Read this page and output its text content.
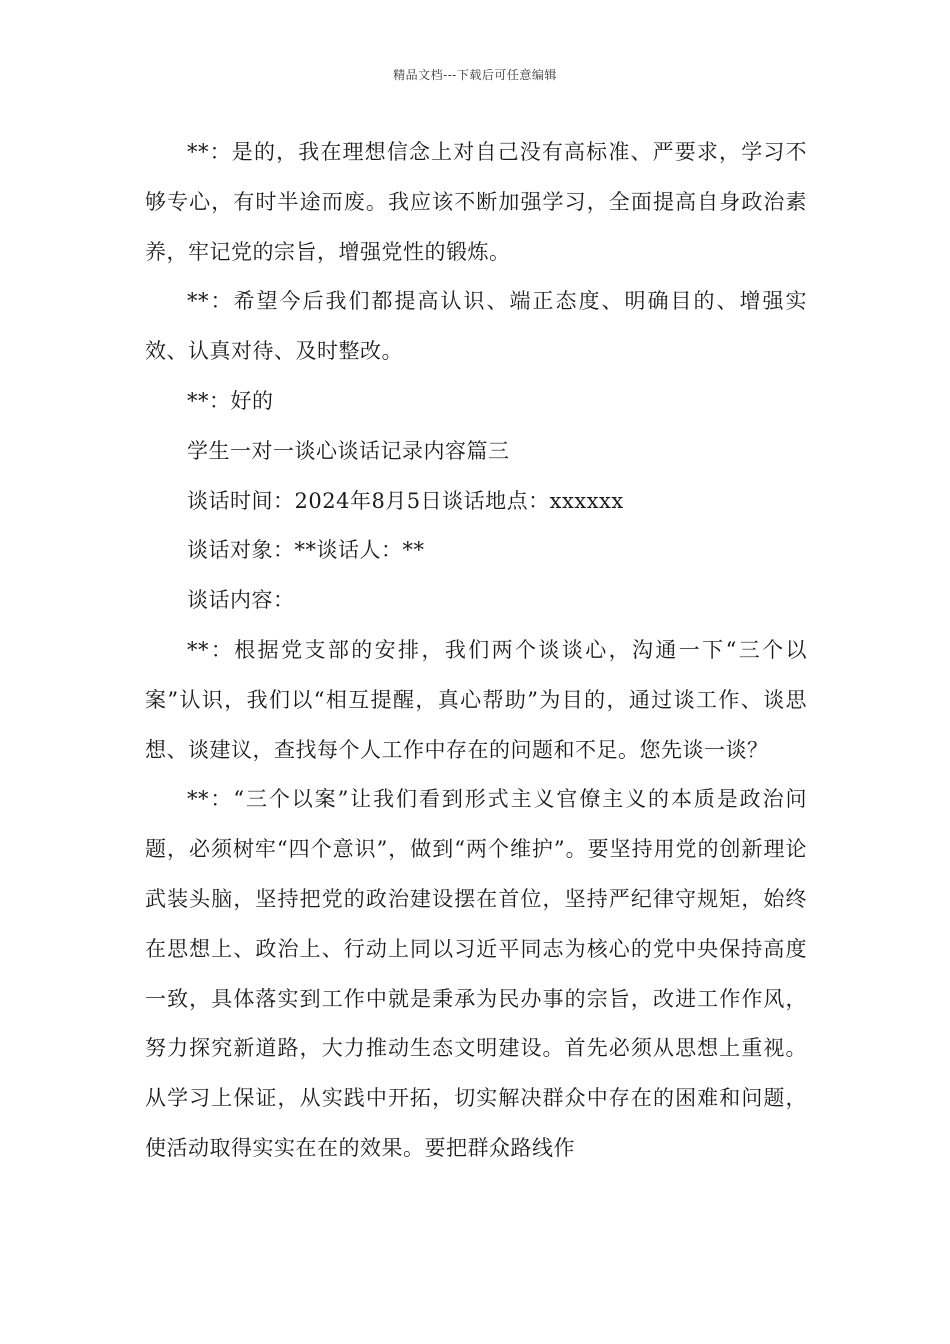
精品文档---下载后可任意编辑

**：是的，我在理想信念上对自己没有高标准、严要求，学习不够专心，有时半途而废。我应该不断加强学习，全面提高自身政治素养，牢记党的宗旨，增强党性的锻炼。

**：希望今后我们都提高认识、端正态度、明确目的、增强实效、认真对待、及时整改。

**：好的

学生一对一谈心谈话记录内容篇三

谈话时间：2024年8月5日谈话地点：xxxxxx

谈话对象：**谈话人：**

谈话内容：

**：根据党支部的安排，我们两个谈谈心，沟通一下“三个以案”认识，我们以“相互提醒，真心帮助”为目的，通过谈工作、谈思想、谈建议，查找每个人工作中存在的问题和不足。您先谈一谈？

**：“三个以案”让我们看到形式主义官僚主义的本质是政治问题，必须树牢“四个意识”，做到“两个维护”。要坚持用党的创新理论武装头脑，坚持把党的政治建设摆在首位，坚持严纪律守规矩，始终在思想上、政治上、行动上同以习近平同志为核心的党中央保持高度一致，具体落实到工作中就是秉承为民办事的宗旨，改进工作作风，努力探究新道路，大力推动生态文明建设。首先必须从思想上重视。从学习上保证，从实践中开拓，切实解决群众中存在的困难和问题，使活动取得实实在在的效果。要把群众路线作
